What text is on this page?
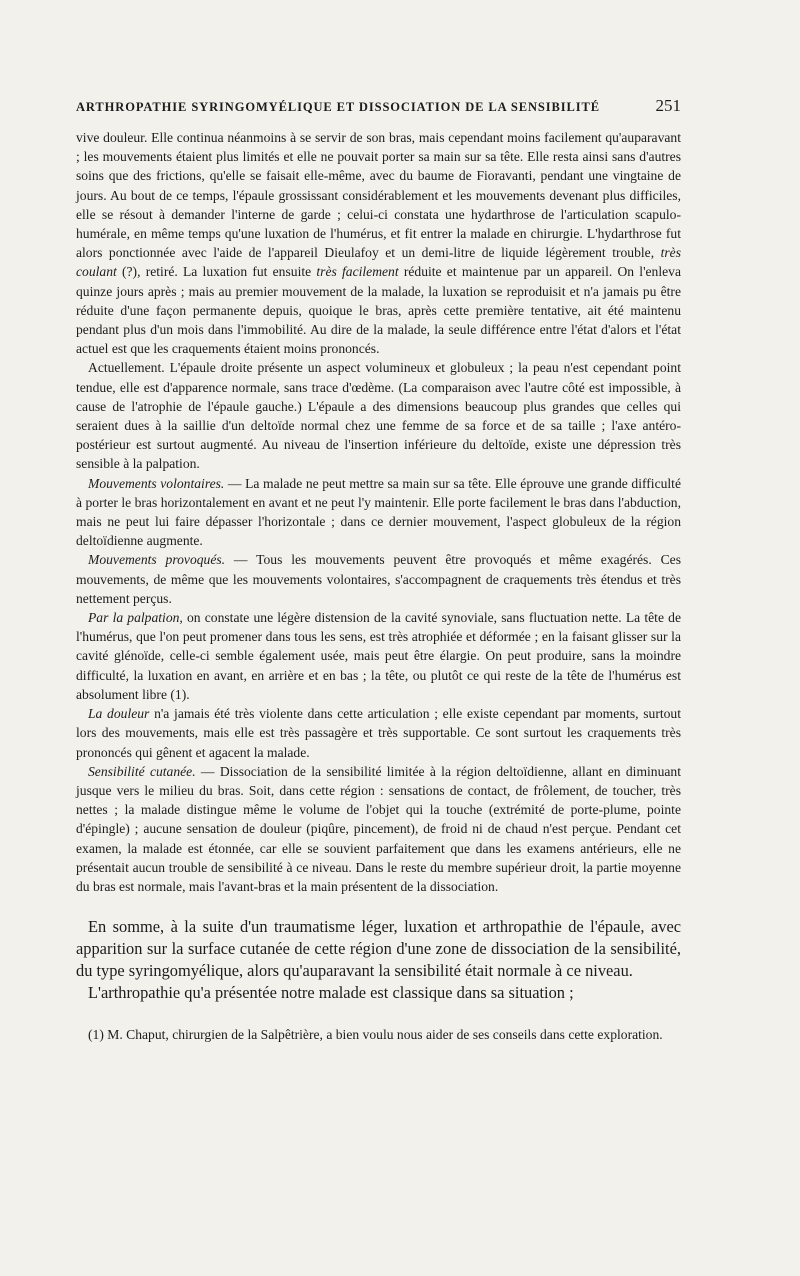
ARTHROPATHIE SYRINGOMYÉLIQUE ET DISSOCIATION DE LA SENSIBILITÉ	251

vive douleur. Elle continua néanmoins à se servir de son bras, mais cependant moins facilement qu'auparavant ; les mouvements étaient plus limités et elle ne pouvait porter sa main sur sa tête. Elle resta ainsi sans d'autres soins que des frictions, qu'elle se faisait elle-même, avec du baume de Fioravanti, pendant une vingtaine de jours. Au bout de ce temps, l'épaule grossissant considérablement et les mouvements devenant plus difficiles, elle se résout à demander l'interne de garde ; celui-ci constata une hydarthrose de l'articulation scapulo-humérale, en même temps qu'une luxation de l'humérus, et fit entrer la malade en chirurgie. L'hydarthrose fut alors ponctionnée avec l'aide de l'appareil Dieulafoy et un demi-litre de liquide légèrement trouble, très coulant (?), retiré. La luxation fut ensuite très facilement réduite et maintenue par un appareil. On l'enleva quinze jours après ; mais au premier mouvement de la malade, la luxation se reproduisit et n'a jamais pu être réduite d'une façon permanente depuis, quoique le bras, après cette première tentative, ait été maintenu pendant plus d'un mois dans l'immobilité. Au dire de la malade, la seule différence entre l'état d'alors et l'état actuel est que les craquements étaient moins prononcés.

Actuellement. L'épaule droite présente un aspect volumineux et globuleux ; la peau n'est cependant point tendue, elle est d'apparence normale, sans trace d'œdème. (La comparaison avec l'autre côté est impossible, à cause de l'atrophie de l'épaule gauche.) L'épaule a des dimensions beaucoup plus grandes que celles qui seraient dues à la saillie d'un deltoïde normal chez une femme de sa force et de sa taille ; l'axe antéro-postérieur est surtout augmenté. Au niveau de l'insertion inférieure du deltoïde, existe une dépression très sensible à la palpation.

Mouvements volontaires. — La malade ne peut mettre sa main sur sa tête. Elle éprouve une grande difficulté à porter le bras horizontalement en avant et ne peut l'y maintenir. Elle porte facilement le bras dans l'abduction, mais ne peut lui faire dépasser l'horizontale ; dans ce dernier mouvement, l'aspect globuleux de la région deltoïdienne augmente.

Mouvements provoqués. — Tous les mouvements peuvent être provoqués et même exagérés. Ces mouvements, de même que les mouvements volontaires, s'accompagnent de craquements très étendus et très nettement perçus.

Par la palpation, on constate une légère distension de la cavité synoviale, sans fluctuation nette. La tête de l'humérus, que l'on peut promener dans tous les sens, est très atrophiée et déformée ; en la faisant glisser sur la cavité glénoïde, celle-ci semble également usée, mais peut être élargie. On peut produire, sans la moindre difficulté, la luxation en avant, en arrière et en bas ; la tête, ou plutôt ce qui reste de la tête de l'humérus est absolument libre (1).

La douleur n'a jamais été très violente dans cette articulation ; elle existe cependant par moments, surtout lors des mouvements, mais elle est très passagère et très supportable. Ce sont surtout les craquements très prononcés qui gênent et agacent la malade.

Sensibilité cutanée. — Dissociation de la sensibilité limitée à la région deltoïdienne, allant en diminuant jusque vers le milieu du bras. Soit, dans cette région : sensations de contact, de frôlement, de toucher, très nettes ; la malade distingue même le volume de l'objet qui la touche (extrémité de porte-plume, pointe d'épingle) ; aucune sensation de douleur (piqûre, pincement), de froid ni de chaud n'est perçue. Pendant cet examen, la malade est étonnée, car elle se souvient parfaitement que dans les examens antérieurs, elle ne présentait aucun trouble de sensibilité à ce niveau. Dans le reste du membre supérieur droit, la partie moyenne du bras est normale, mais l'avant-bras et la main présentent de la dissociation.

En somme, à la suite d'un traumatisme léger, luxation et arthropathie de l'épaule, avec apparition sur la surface cutanée de cette région d'une zone de dissociation de la sensibilité, du type syringomyélique, alors qu'auparavant la sensibilité était normale à ce niveau.

L'arthropathie qu'a présentée notre malade est classique dans sa situation ;

(1) M. Chaput, chirurgien de la Salpêtrière, a bien voulu nous aider de ses conseils dans cette exploration.
